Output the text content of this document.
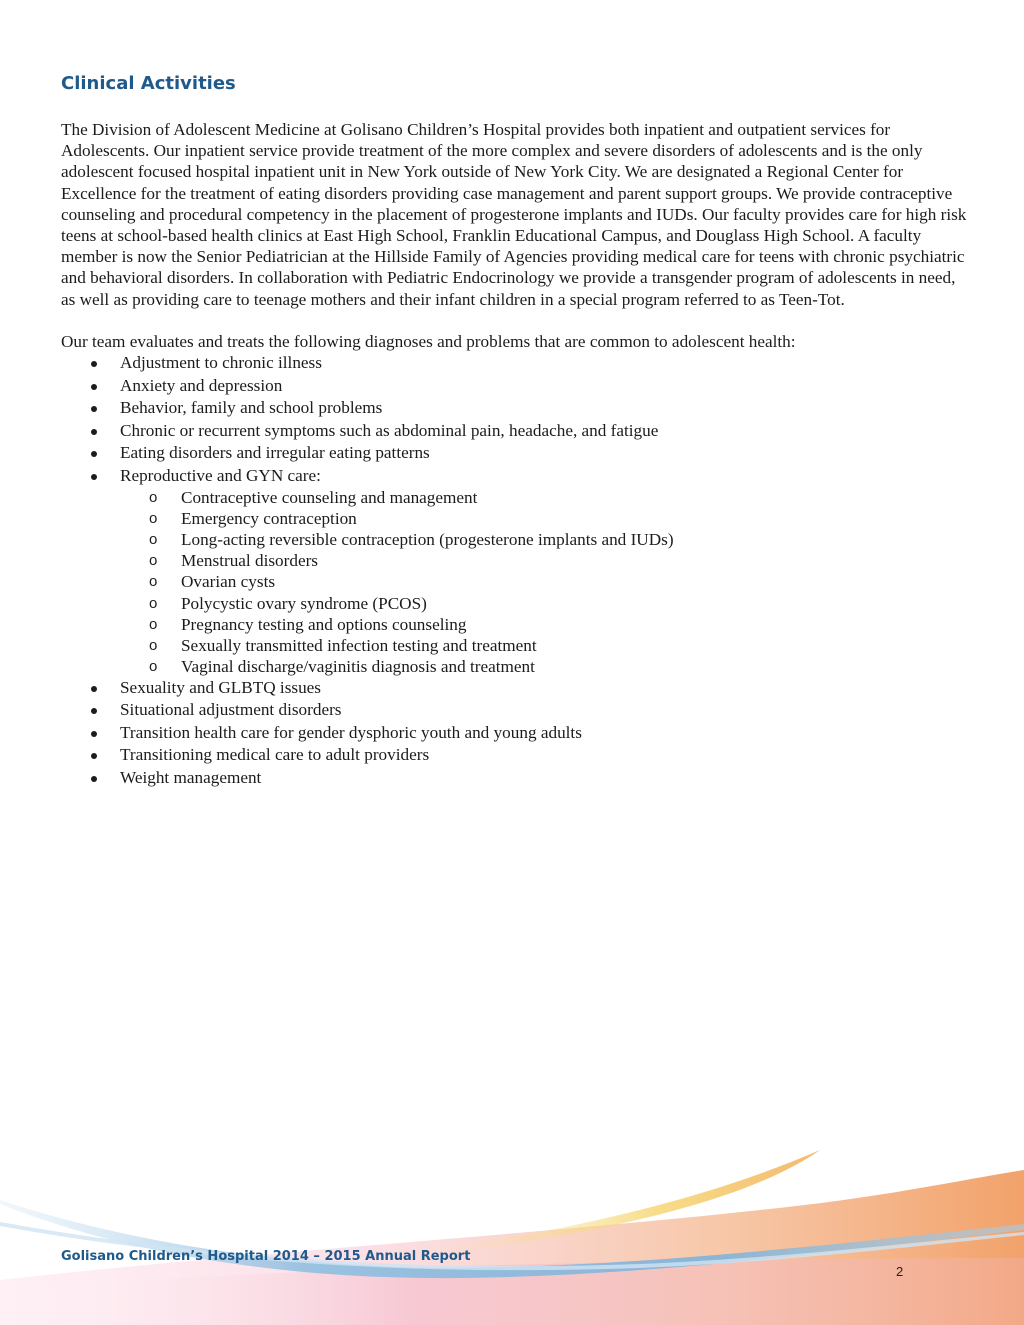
Clinical Activities

The Division of Adolescent Medicine at Golisano Children’s Hospital provides both inpatient and outpatient services for Adolescents. Our inpatient service provide treatment of the more complex and severe disorders of adolescents and is the only adolescent focused hospital inpatient unit in New York outside of New York City. We are designated a Regional Center for Excellence for the treatment of eating disorders providing case management and parent support groups. We provide contraceptive counseling and procedural competency in the placement of progesterone implants and IUDs. Our faculty provides care for high risk teens at school-based health clinics at East High School, Franklin Educational Campus, and Douglass High School. A faculty member is now the Senior Pediatrician at the Hillside Family of Agencies providing medical care for teens with chronic psychiatric and behavioral disorders. In collaboration with Pediatric Endocrinology we provide a transgender program of adolescents in need, as well as providing care to teenage mothers and their infant children in a special program referred to as Teen-Tot.

Our team evaluates and treats the following diagnoses and problems that are common to adolescent health:

Adjustment to chronic illness
Anxiety and depression
Behavior, family and school problems
Chronic or recurrent symptoms such as abdominal pain, headache, and fatigue
Eating disorders and irregular eating patterns
Reproductive and GYN care:
o Contraceptive counseling and management
o Emergency contraception
o Long-acting reversible contraception (progesterone implants and IUDs)
o Menstrual disorders
o Ovarian cysts
o Polycystic ovary syndrome (PCOS)
o Pregnancy testing and options counseling
o Sexually transmitted infection testing and treatment
o Vaginal discharge/vaginitis diagnosis and treatment
Sexuality and GLBTQ issues
Situational adjustment disorders
Transition health care for gender dysphoric youth and young adults
Transitioning medical care to adult providers
Weight management
Golisano Children’s Hospital 2014 – 2015 Annual Report
2
